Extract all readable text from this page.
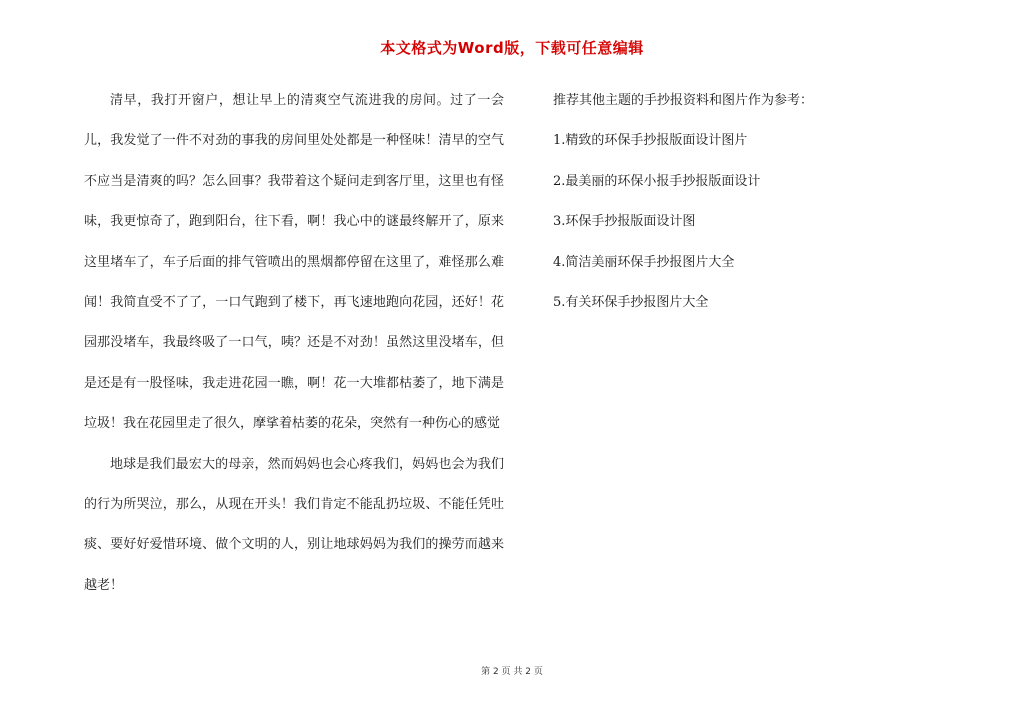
本文格式为Word版，下载可任意编辑

清早，我打开窗户，想让早上的清爽空气流进我的房间。过了一会儿，我发觉了一件不对劲的事我的房间里处处都是一种怪味！清早的空气不应当是清爽的吗？怎么回事？我带着这个疑问走到客厅里，这里也有怪味，我更惊奇了，跑到阳台，往下看，啊！我心中的谜最终解开了，原来这里堵车了，车子后面的排气管喷出的黑烟都停留在这里了，难怪那么难闻！我简直受不了了，一口气跑到了楼下，再飞速地跑向花园，还好！花园那没堵车，我最终吸了一口气，咦？还是不对劲！虽然这里没堵车，但是还是有一股怪味，我走进花园一瞧，啊！花一大堆都枯萎了，地下满是垃圾！我在花园里走了很久，摩挲着枯萎的花朵，突然有一种伤心的感觉

地球是我们最宏大的母亲，然而妈妈也会心疼我们，妈妈也会为我们的行为所哭泣，那么，从现在开头！我们肯定不能乱扔垃圾、不能任凭吐痰、要好好爱惜环境、做个文明的人，别让地球妈妈为我们的操劳而越来越老！

推荐其他主题的手抄报资料和图片作为参考：

1.精致的环保手抄报版面设计图片
2.最美丽的环保小报手抄报版面设计
3.环保手抄报版面设计图
4.简洁美丽环保手抄报图片大全
5.有关环保手抄报图片大全
第 2 页 共 2 页
